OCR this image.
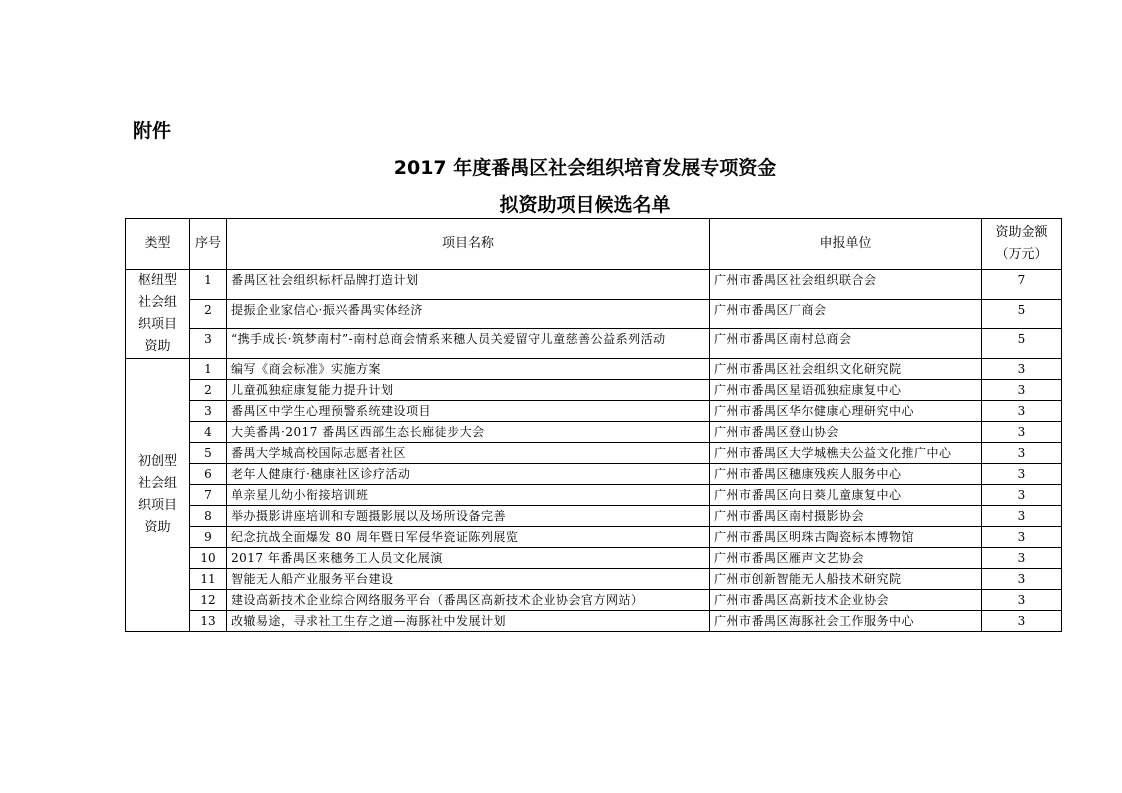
附件
2017 年度番禺区社会组织培育发展专项资金
拟资助项目候选名单
类型	序号	项目名称	申报单位	资助金额（万元）
枢纽型社会组织项目资助	1	番禺区社会组织标杆品牌打造计划	广州市番禺区社会组织联合会	7
	2	提振企业家信心·振兴番禺实体经济	广州市番禺区厂商会	5
	3	“携手成长·筑梦南村”-南村总商会情系来穗人员关爱留守儿童慈善公益系列活动	广州市番禺区南村总商会	5
初创型社会组织项目资助	1	编写《商会标准》实施方案	广州市番禺区社会组织文化研究院	3
	2	儿童孤独症康复能力提升计划	广州市番禺区星语孤独症康复中心	3
	3	番禺区中学生心理预警系统建设项目	广州市番禺区华尔健康心理研究中心	3
	4	大美番禺·2017 番禺区西部生态长廊徒步大会	广州市番禺区登山协会	3
	5	番禺大学城高校国际志愿者社区	广州市番禺区大学城樵夫公益文化推广中心	3
	6	老年人健康行·穗康社区诊疗活动	广州市番禺区穗康残疾人服务中心	3
	7	单亲星儿幼小衔接培训班	广州市番禺区向日葵儿童康复中心	3
	8	举办摄影讲座培训和专题摄影展以及场所设备完善	广州市番禺区南村摄影协会	3
	9	纪念抗战全面爆发 80 周年暨日军侵华瓷证陈列展览	广州市番禺区明珠古陶瓷标本博物馆	3
	10	2017 年番禺区来穗务工人员文化展演	广州市番禺区雁声文艺协会	3
	11	智能无人船产业服务平台建设	广州市创新智能无人船技术研究院	3
	12	建设高新技术企业综合网络服务平台（番禺区高新技术企业协会官方网站）	广州市番禺区高新技术企业协会	3
	13	改辙易途，寻求社工生存之道—海豚社中发展计划	广州市番禺区海豚社会工作服务中心	3
